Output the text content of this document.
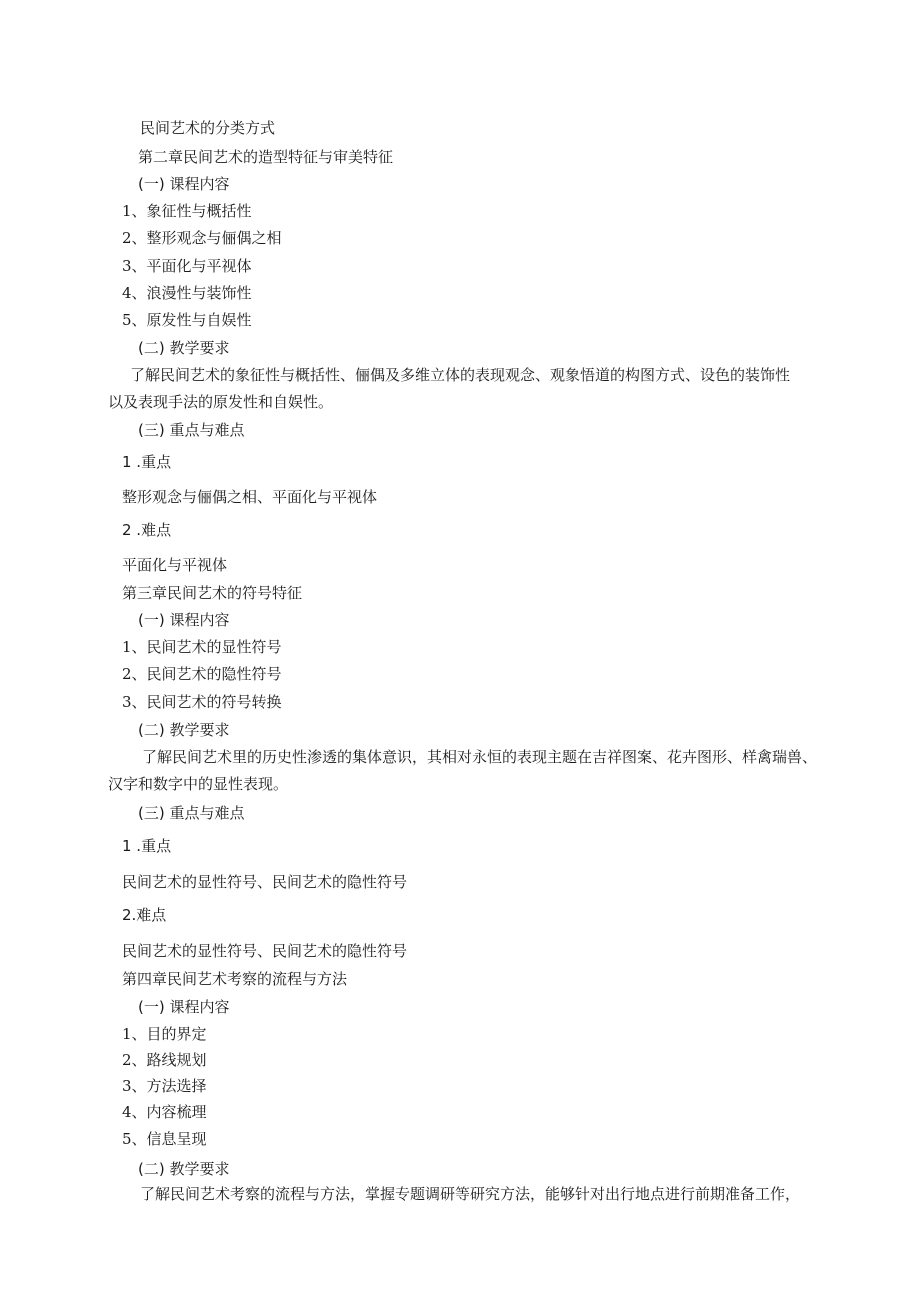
民间艺术的分类方式
第二章民间艺术的造型特征与审美特征
(一) 课程内容
1、象征性与概括性
2、整形观念与俪偶之相
3、平面化与平视体
4、浪漫性与装饰性
5、原发性与自娱性
(二) 教学要求
了解民间艺术的象征性与概括性、俪偶及多维立体的表现观念、观象悟道的构图方式、设色的装饰性
以及表现手法的原发性和自娱性。
(三) 重点与难点
1 .重点
整形观念与俪偶之相、平面化与平视体
2 .难点
平面化与平视体
第三章民间艺术的符号特征
(一) 课程内容
1、民间艺术的显性符号
2、民间艺术的隐性符号
3、民间艺术的符号转换
(二) 教学要求
了解民间艺术里的历史性渗透的集体意识，其相对永恒的表现主题在吉祥图案、花卉图形、样禽瑞兽、
汉字和数字中的显性表现。
(三) 重点与难点
1 .重点
民间艺术的显性符号、民间艺术的隐性符号
2.难点
民间艺术的显性符号、民间艺术的隐性符号
第四章民间艺术考察的流程与方法
(一) 课程内容
1、目的界定
2、路线规划
3、方法选择
4、内容梳理
5、信息呈现
(二) 教学要求
了解民间艺术考察的流程与方法，掌握专题调研等研究方法，能够针对出行地点进行前期准备工作，
